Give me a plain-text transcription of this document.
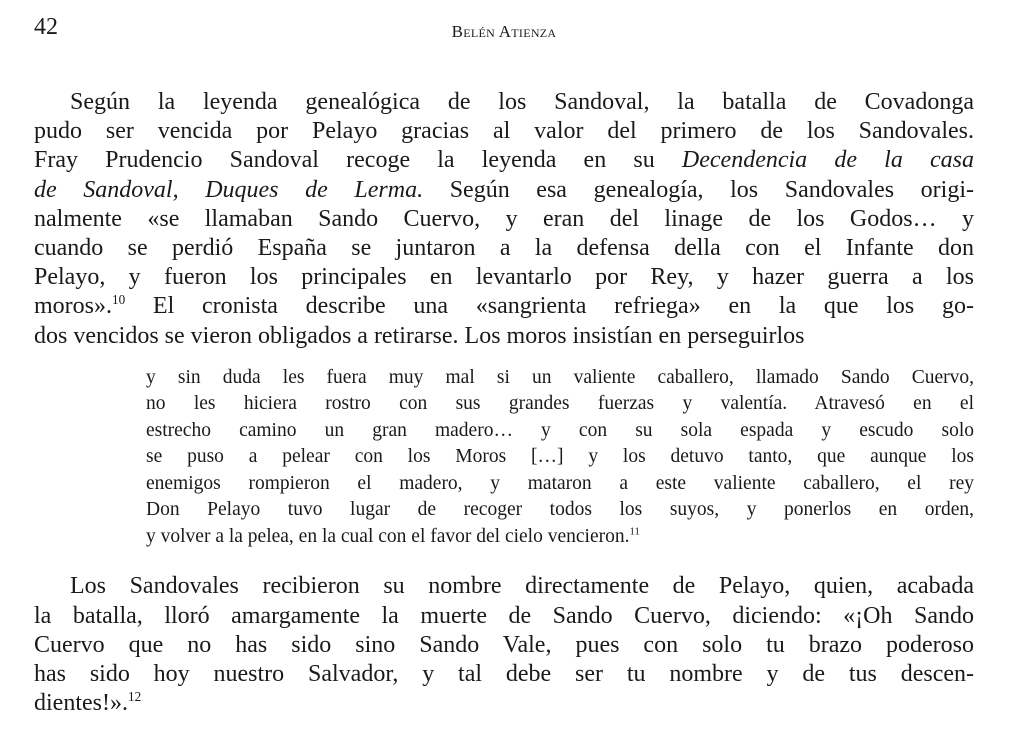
42	Belén Atienza
Según la leyenda genealógica de los Sandoval, la batalla de Covadonga
pudo ser vencida por Pelayo gracias al valor del primero de los Sandovales.
Fray Prudencio Sandoval recoge la leyenda en su Decendencia de la casa
de Sandoval, Duques de Lerma. Según esa genealogía, los Sandovales origi-
nalmente «se llamaban Sando Cuervo, y eran del linage de los Godos… y
cuando se perdió España se juntaron a la defensa della con el Infante don
Pelayo, y fueron los principales en levantarlo por Rey, y hazer guerra a los
moros».$^{10}$ El cronista describe una «sangrienta refriega» en la que los go-
dos vencidos se vieron obligados a retirarse. Los moros insistían en perseguirlos
y sin duda les fuera muy mal si un valiente caballero, llamado Sando Cuervo,
no les hiciera rostro con sus grandes fuerzas y valentía. Atravesó en el
estrecho camino un gran madero… y con su sola espada y escudo solo
se puso a pelear con los Moros […] y los detuvo tanto, que aunque los
enemigos rompieron el madero, y mataron a este valiente caballero, el rey
Don Pelayo tuvo lugar de recoger todos los suyos, y ponerlos en orden,
y volver a la pelea, en la cual con el favor del cielo vencieron.$^{11}$
Los Sandovales recibieron su nombre directamente de Pelayo, quien, acabada
la batalla, lloró amargamente la muerte de Sando Cuervo, diciendo: «¡Oh Sando
Cuervo que no has sido sino Sando Vale, pues con solo tu brazo poderoso
has sido hoy nuestro Salvador, y tal debe ser tu nombre y de tus descen-
dientes!».$^{12}$
